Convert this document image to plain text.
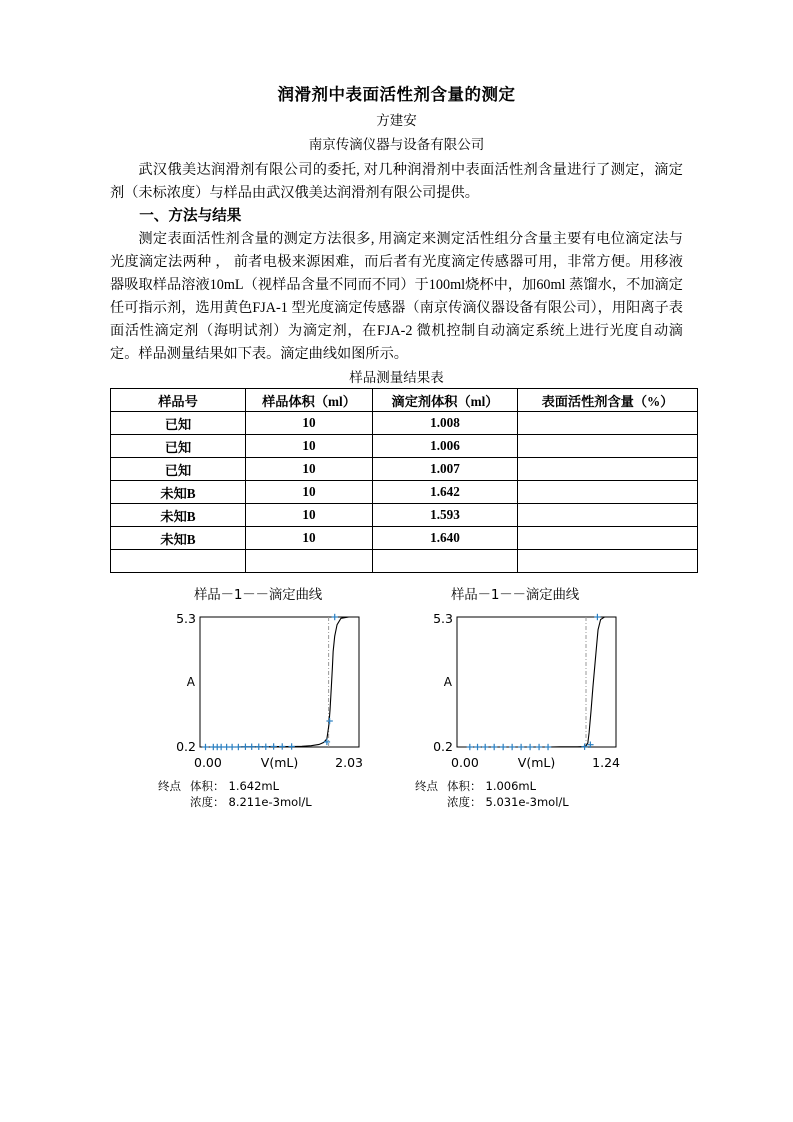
润滑剂中表面活性剂含量的测定
方建安
南京传滴仪器与设备有限公司

武汉俄美达润滑剂有限公司的委托, 对几种润滑剂中表面活性剂含量进行了测定，滴定剂（未标浓度）与样品由武汉俄美达润滑剂有限公司提供。

一、方法与结果

测定表面活性剂含量的测定方法很多, 用滴定来测定活性组分含量主要有电位滴定法与光度滴定法两种 ， 前者电极来源困难，而后者有光度滴定传感器可用，非常方便。用移液器吸取样品溶液10mL（视样品含量不同而不同）于100ml烧杯中，加60ml 蒸馏水，不加滴定任可指示剂，选用黄色FJA-1 型光度滴定传感器（南京传滴仪器设备有限公司），用阳离子表面活性滴定剂（海明试剂）为滴定剂，在FJA-2 微机控制自动滴定系统上进行光度自动滴定。样品测量结果如下表。滴定曲线如图所示。

样品测量结果表
样品号	样品体积（ml）	滴定剂体积（ml）	表面活性剂含量（%）
已知	10	1.008	
已知	10	1.006	
已知	10	1.007	
未知B	10	1.642	
未知B	10	1.593	
未知B	10	1.640	

样品－1－－滴定曲线
5.3
0.2
A
0.00	2.03
V(mL)
终点 体积：
浓度：
1.642mL
8.211e-3mol/L
样品－1－－滴定曲线
5.3
0.2
A
0.00	1.24
V(mL)
终点 体积：
浓度：
1.006mL
5.031e-3mol/L
